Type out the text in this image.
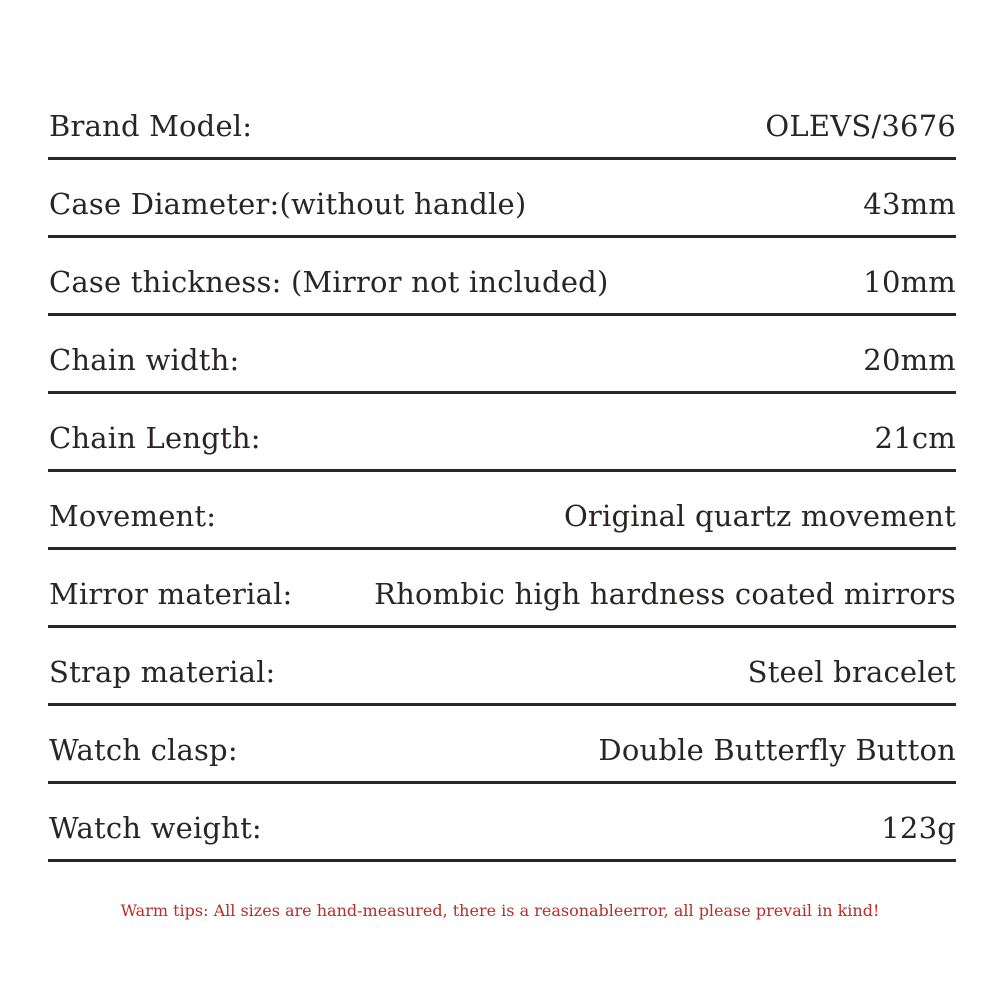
Brand Model:	OLEVS/3676
Case Diameter:(without handle)	43mm
Case thickness: (Mirror not included)	10mm
Chain width:	20mm
Chain Length:	21cm
Movement:	Original quartz movement
Mirror material:	Rhombic high hardness coated mirrors
Strap material:	Steel bracelet
Watch clasp:	Double Butterfly Button
Watch weight:	123g
Warm tips: All sizes are hand-measured, there is a reasonableerror, all please prevail in kind!
